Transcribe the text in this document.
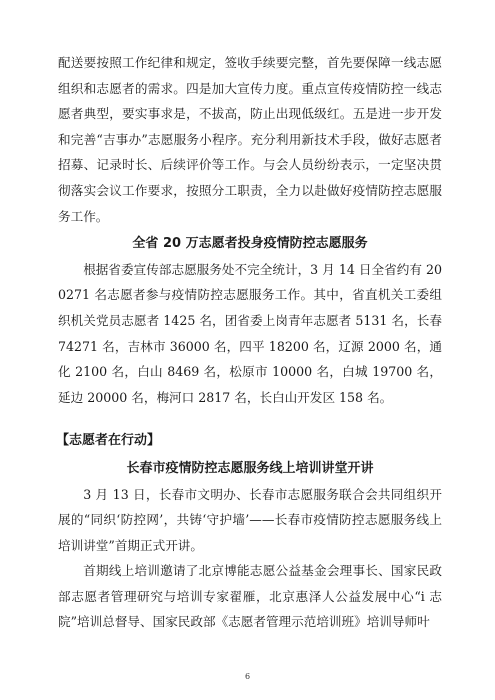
配送要按照工作纪律和规定，签收手续要完整，首先要保障一线志愿组织和志愿者的需求。四是加大宣传力度。重点宣传疫情防控一线志愿者典型，要实事求是，不拔高，防止出现低级红。五是进一步开发和完善“吉事办”志愿服务小程序。充分利用新技术手段，做好志愿者招募、记录时长、后续评价等工作。与会人员纷纷表示，一定坚决贯彻落实会议工作要求，按照分工职责，全力以赴做好疫情防控志愿服务工作。

全省 20 万志愿者投身疫情防控志愿服务

根据省委宣传部志愿服务处不完全统计，3 月 14 日全省约有 200271 名志愿者参与疫情防控志愿服务工作。其中，省直机关工委组织机关党员志愿者 1425 名，团省委上岗青年志愿者 5131 名，长春 74271 名，吉林市 36000 名，四平 18200 名，辽源 2000 名，通化 2100 名，白山 8469 名，松原市 10000 名，白城 19700 名，延边 20000 名，梅河口 2817 名，长白山开发区 158 名。

【志愿者在行动】
长春市疫情防控志愿服务线上培训讲堂开讲

3 月 13 日，长春市文明办、长春市志愿服务联合会共同组织开展的“同织‘防控网’，共铸‘守护墙’——长春市疫情防控志愿服务线上培训讲堂”首期正式开讲。

首期线上培训邀请了北京博能志愿公益基金会理事长、国家民政部志愿者管理研究与培训专家翟雁，北京惠泽人公益发展中心“i 志院”培训总督导、国家民政部《志愿者管理示范培训班》培训导师叶

6
